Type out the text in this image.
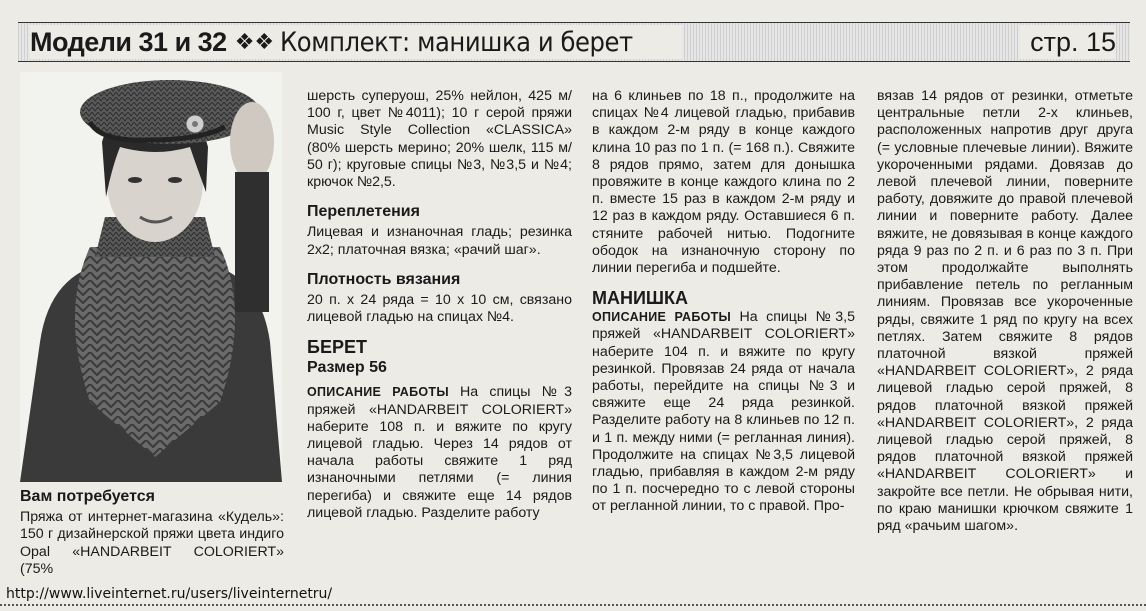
Модели 31 и 32 ❖❖ Комплект: манишка и берет	стр. 15
Вам потребуется

Пряжа от интернет-магазина «Кудель»: 150 г дизайнерской пряжи цвета индиго Opal «HANDARBEIT COLORIERT» (75%

шерсть суперуош, 25% нейлон, 425 м/ 100 г, цвет №4011); 10 г серой пряжи Music Style Collection «CLASSICA» (80% шерсть мерино; 20% шелк, 115 м/ 50 г); круговые спицы №3, №3,5 и №4; крючок №2,5.

Переплетения

Лицевая и изнаночная гладь; резинка 2х2; платочная вязка; «рачий шаг».

Плотность вязания

20 п. х 24 ряда = 10 х 10 см, связано лицевой гладью на спицах №4.

БЕРЕТ
Размер 56

ОПИСАНИЕ РАБОТЫ На спицы №3 пряжей «HANDARBEIT COLORIERT» наберите 108 п. и вяжите по кругу лицевой гладью. Через 14 рядов от начала работы свяжите 1 ряд изнаночными петлями (= линия перегиба) и свяжите еще 14 рядов лицевой гладью. Разделите работу

на 6 клиньев по 18 п., продолжите на спицах №4 лицевой гладью, прибавив в каждом 2-м ряду в конце каждого клина 10 раз по 1 п. (= 168 п.). Свяжите 8 рядов прямо, затем для донышка провяжите в конце каждого клина по 2 п. вместе 15 раз в каждом 2-м ряду и 12 раз в каждом ряду. Оставшиеся 6 п. стяните рабочей нитью. Подогните ободок на изнаночную сторону по линии перегиба и подшейте.

МАНИШКА

ОПИСАНИЕ РАБОТЫ На спицы №3,5 пряжей «HANDARBEIT COLORIERT» наберите 104 п. и вяжите по кругу резинкой. Провязав 24 ряда от начала работы, перейдите на спицы №3 и свяжите еще 24 ряда резинкой. Разделите работу на 8 клиньев по 12 п. и 1 п. между ними (= регланная линия). Продолжите на спицах №3,5 лицевой гладью, прибавляя в каждом 2-м ряду по 1 п. посчередно то с левой стороны от регланной линии, то с правой. Про-

вязав 14 рядов от резинки, отметьте центральные петли 2-х клиньев, расположенных напротив друг друга (= условные плечевые линии). Вяжите укороченными рядами. Довязав до левой плечевой линии, поверните работу, довяжите до правой плечевой линии и поверните работу. Далее вяжите, не довязывая в конце каждого ряда 9 раз по 2 п. и 6 раз по 3 п. При этом продолжайте выполнять прибавление петель по регланным линиям. Провязав все укороченные ряды, свяжите 1 ряд по кругу на всех петлях. Затем свяжите 8 рядов платочной вязкой пряжей «HANDARBEIT COLORIERT», 2 ряда лицевой гладью серой пряжей, 8 рядов платочной вязкой пряжей «HANDARBEIT COLORIERT», 2 ряда лицевой гладью серой пряжей, 8 рядов платочной вязкой пряжей «HANDARBEIT COLORIERT» и закройте все петли. Не обрывая нити, по краю манишки крючком свяжите 1 ряд «рачьим шагом».

http://www.liveinternet.ru/users/liveinternetru/
